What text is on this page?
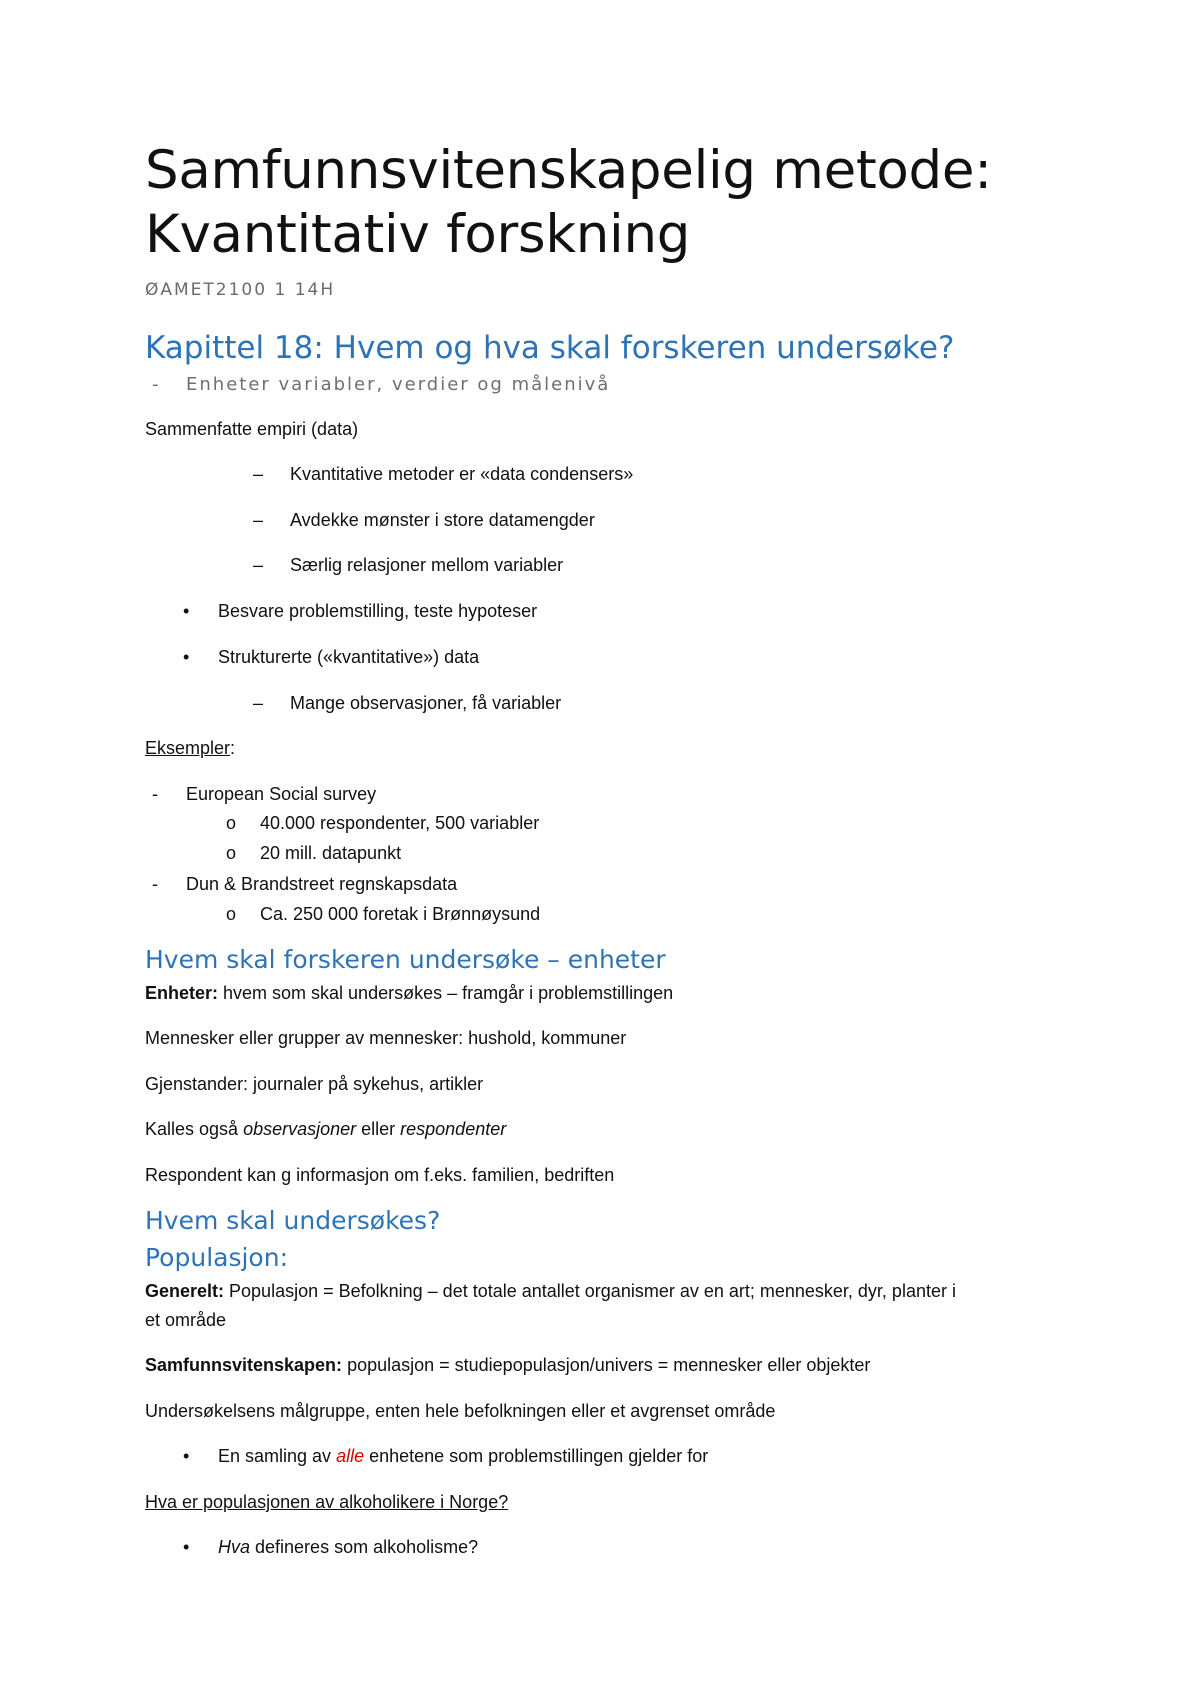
Samfunnsvitenskapelig metode:
Kvantitativ forskning
ØAMET2100 1 14H
Kapittel 18: Hvem og hva skal forskeren undersøke?
- Enheter variabler, verdier og målenivå
Sammenfatte empiri (data)
– Kvantitative metoder er «data condensers»
– Avdekke mønster i store datamengder
– Særlig relasjoner mellom variabler
• Besvare problemstilling, teste hypoteser
• Strukturerte («kvantitative») data
– Mange observasjoner, få variabler
Eksempler:
- European Social survey
o 40.000 respondenter, 500 variabler
o 20 mill. datapunkt
- Dun & Brandstreet regnskapsdata
o Ca. 250 000 foretak i Brønnøysund
Hvem skal forskeren undersøke – enheter
Enheter: hvem som skal undersøkes – framgår i problemstillingen
Mennesker eller grupper av mennesker: hushold, kommuner
Gjenstander: journaler på sykehus, artikler
Kalles også observasjoner eller respondenter
Respondent kan g informasjon om f.eks. familien, bedriften
Hvem skal undersøkes?
Populasjon:
Generelt: Populasjon = Befolkning – det totale antallet organismer av en art; mennesker, dyr, planter i
et område
Samfunnsvitenskapen: populasjon = studiepopulasjon/univers = mennesker eller objekter
Undersøkelsens målgruppe, enten hele befolkningen eller et avgrenset område
• En samling av alle enhetene som problemstillingen gjelder for
Hva er populasjonen av alkoholikere i Norge?
• Hva defineres som alkoholisme?
